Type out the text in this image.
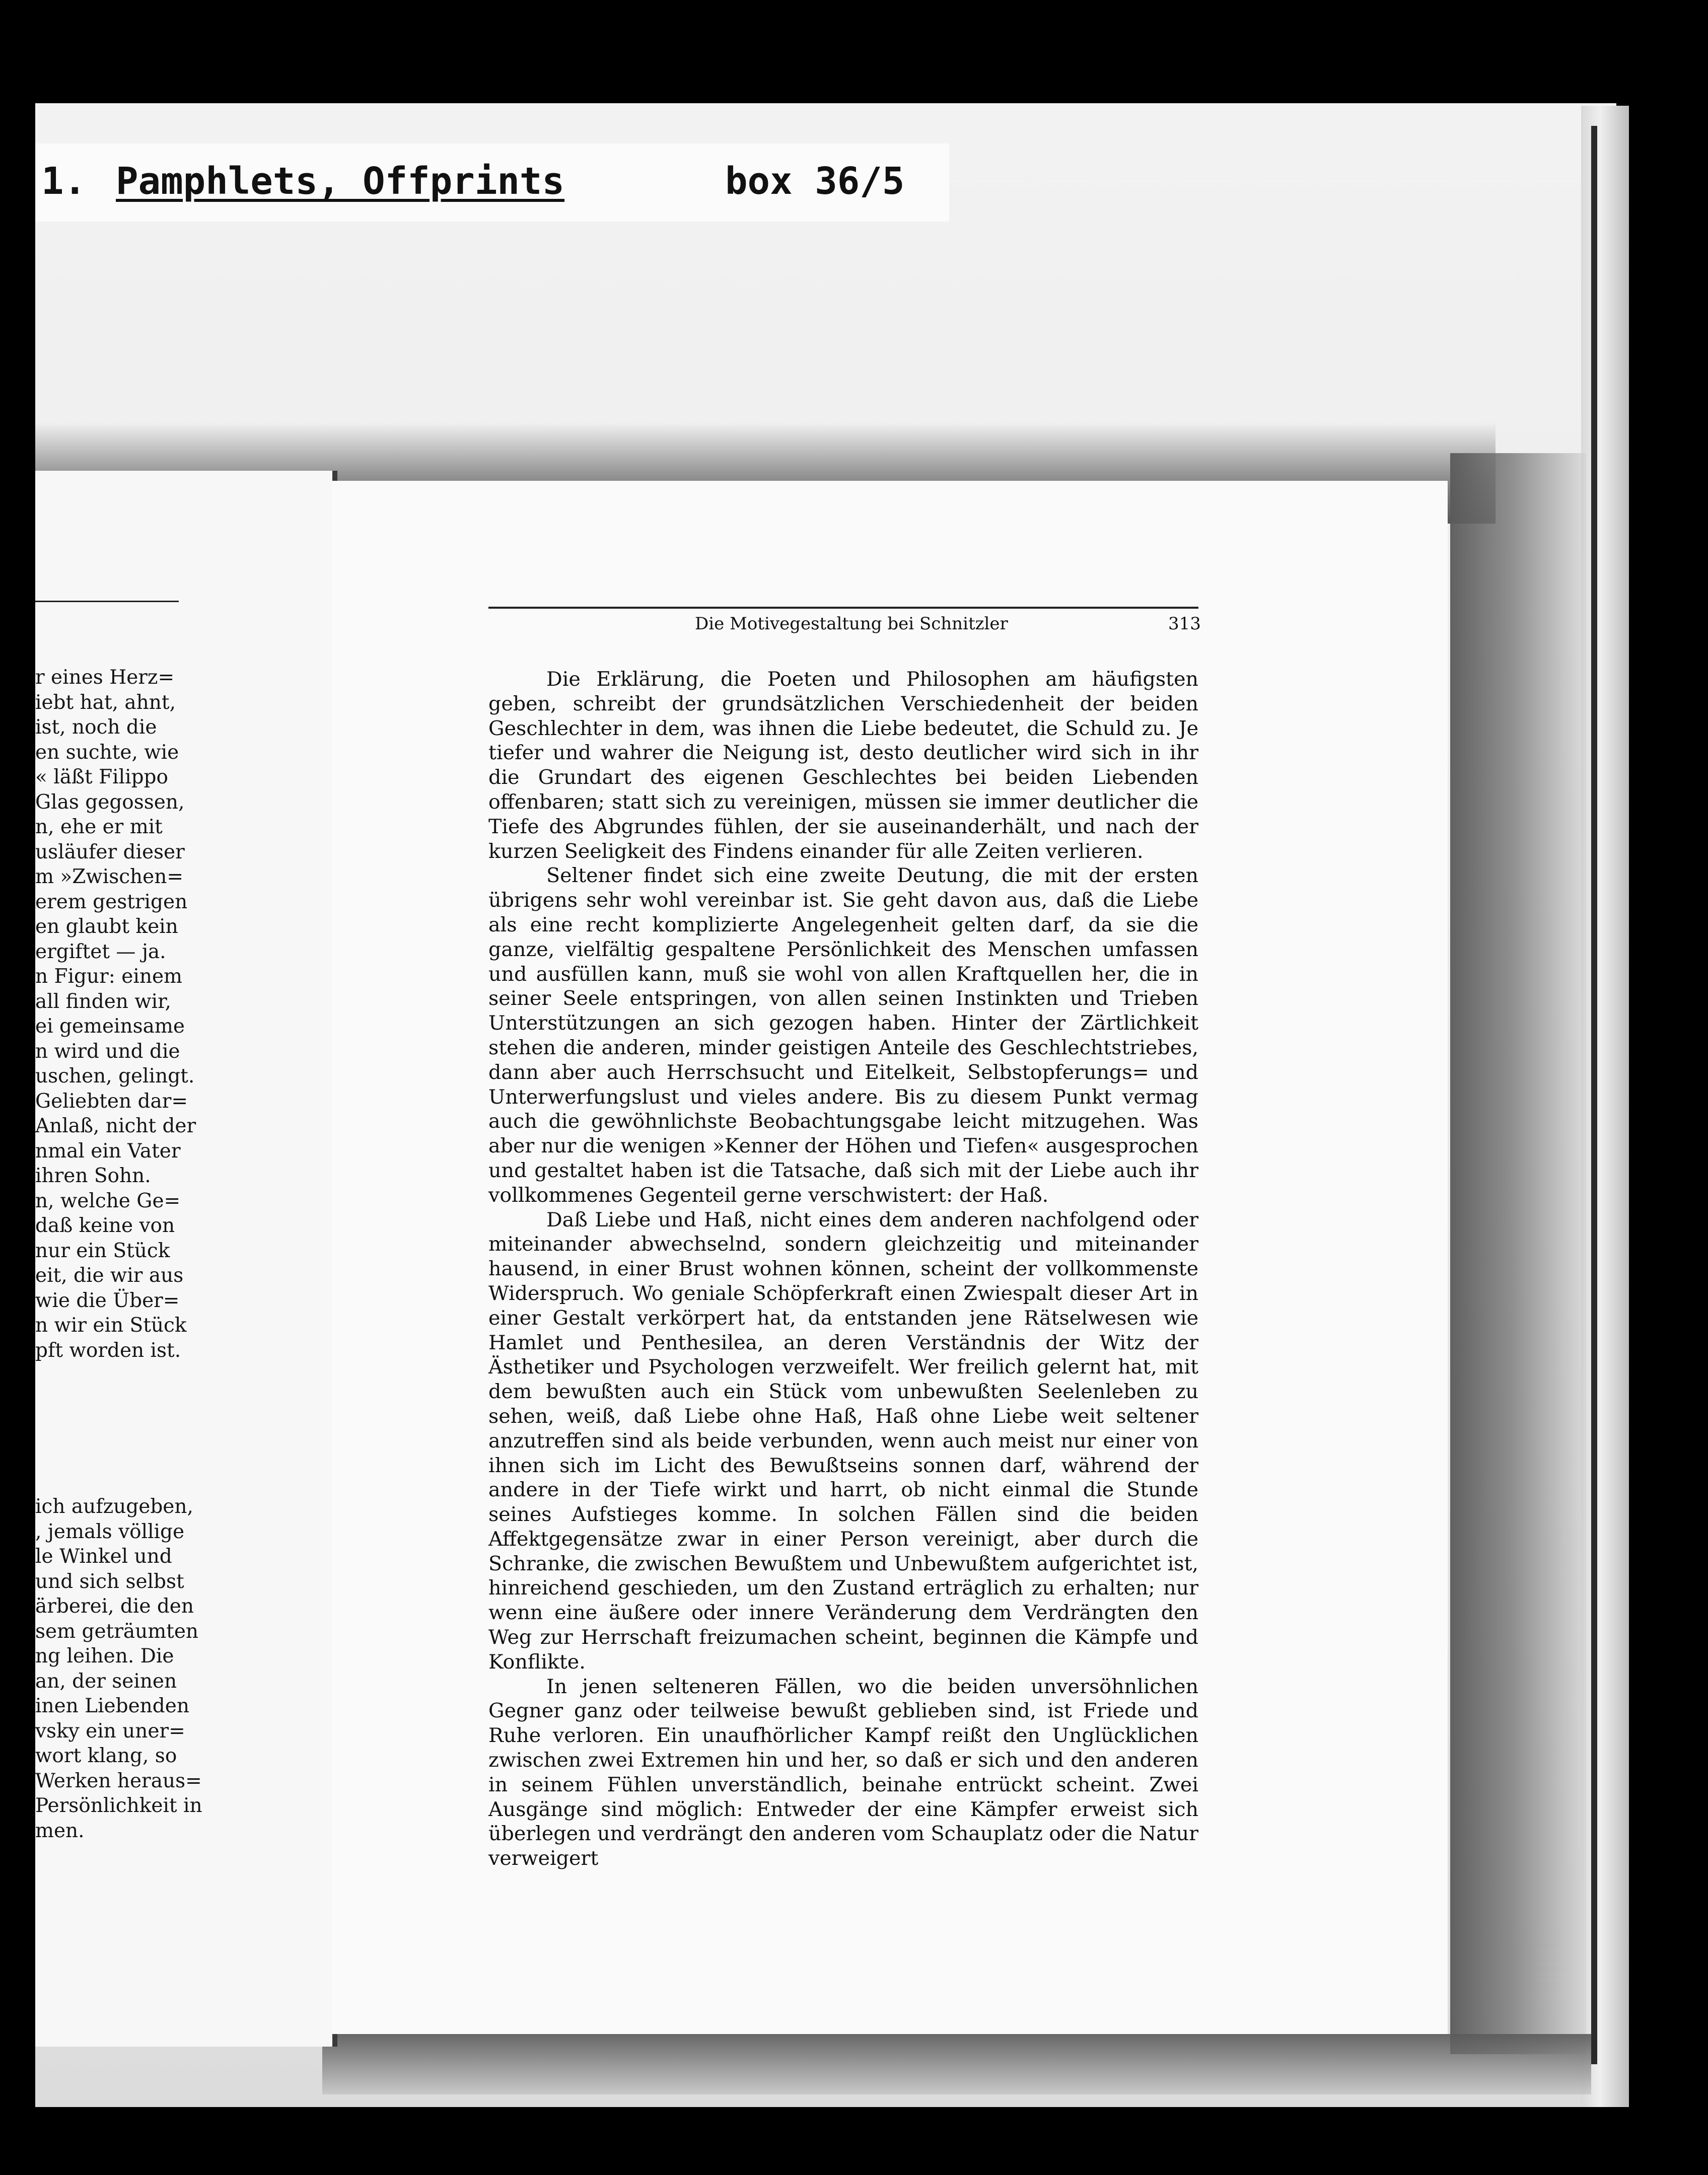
1. Pamphlets, Offprints	box 36/5
r eines Herz=
iebt hat, ahnt,
ist, noch die
en suchte, wie
« läßt Filippo
Glas gegossen,
n, ehe er mit
usläufer dieser
m »Zwischen=
erem gestrigen
en glaubt kein
ergiftet — ja.
n Figur: einem
all finden wir,
ei gemeinsame
n wird und die
uschen, gelingt.
Geliebten dar=
Anlaß, nicht der
nmal ein Vater
ihren Sohn.
n, welche Ge=
daß keine von
nur ein Stück
eit, die wir aus
wie die Über=
n wir ein Stück
pft worden ist.
ich aufzugeben,
, jemals völlige
le Winkel und
und sich selbst
ärberei, die den
sem geträumten
ng leihen. Die
an, der seinen
inen Liebenden
vsky ein uner=
wort klang, so
Werken heraus=
Persönlichkeit in
men.
Die Motivegestaltung bei Schnitzler	313

Die Erklärung, die Poeten und Philosophen am häufigsten geben, schreibt der grundsätzlichen Verschiedenheit der beiden Geschlechter in dem, was ihnen die Liebe bedeutet, die Schuld zu. Je tiefer und wahrer die Neigung ist, desto deutlicher wird sich in ihr die Grundart des eigenen Geschlechtes bei beiden Liebenden offenbaren; statt sich zu vereinigen, müssen sie immer deutlicher die Tiefe des Abgrundes fühlen, der sie auseinanderhält, und nach der kurzen Seeligkeit des Findens einander für alle Zeiten verlieren.

Seltener findet sich eine zweite Deutung, die mit der ersten übrigens sehr wohl vereinbar ist. Sie geht davon aus, daß die Liebe als eine recht komplizierte Angelegenheit gelten darf, da sie die ganze, vielfältig gespaltene Persönlichkeit des Menschen umfassen und ausfüllen kann, muß sie wohl von allen Kraftquellen her, die in seiner Seele entspringen, von allen seinen Instinkten und Trieben Unterstützungen an sich gezogen haben. Hinter der Zärtlichkeit stehen die anderen, minder geistigen Anteile des Geschlechtstriebes, dann aber auch Herrschsucht und Eitelkeit, Selbstopferungs= und Unterwerfungslust und vieles andere. Bis zu diesem Punkt vermag auch die gewöhnlichste Beobachtungsgabe leicht mitzugehen. Was aber nur die wenigen »Kenner der Höhen und Tiefen« ausgesprochen und gestaltet haben ist die Tatsache, daß sich mit der Liebe auch ihr vollkommenes Gegenteil gerne verschwistert: der Haß.

Daß Liebe und Haß, nicht eines dem anderen nachfolgend oder miteinander abwechselnd, sondern gleichzeitig und miteinander hausend, in einer Brust wohnen können, scheint der vollkommenste Widerspruch. Wo geniale Schöpferkraft einen Zwiespalt dieser Art in einer Gestalt verkörpert hat, da entstanden jene Rätselwesen wie Hamlet und Penthesilea, an deren Verständnis der Witz der Ästhetiker und Psychologen verzweifelt. Wer freilich gelernt hat, mit dem bewußten auch ein Stück vom unbewußten Seelenleben zu sehen, weiß, daß Liebe ohne Haß, Haß ohne Liebe weit seltener anzutreffen sind als beide verbunden, wenn auch meist nur einer von ihnen sich im Licht des Bewußtseins sonnen darf, während der andere in der Tiefe wirkt und harrt, ob nicht einmal die Stunde seines Aufstieges komme. In solchen Fällen sind die beiden Affektgegensätze zwar in einer Person vereinigt, aber durch die Schranke, die zwischen Bewußtem und Unbewußtem aufgerichtet ist, hinreichend geschieden, um den Zustand erträglich zu erhalten; nur wenn eine äußere oder innere Veränderung dem Verdrängten den Weg zur Herrschaft freizumachen scheint, beginnen die Kämpfe und Konflikte.

In jenen selteneren Fällen, wo die beiden unversöhnlichen Gegner ganz oder teilweise bewußt geblieben sind, ist Friede und Ruhe verloren. Ein unaufhörlicher Kampf reißt den Unglücklichen zwischen zwei Extremen hin und her, so daß er sich und den anderen in seinem Fühlen unverständlich, beinahe entrückt scheint. Zwei Ausgänge sind möglich: Entweder der eine Kämpfer erweist sich überlegen und verdrängt den anderen vom Schauplatz oder die Natur verweigert
